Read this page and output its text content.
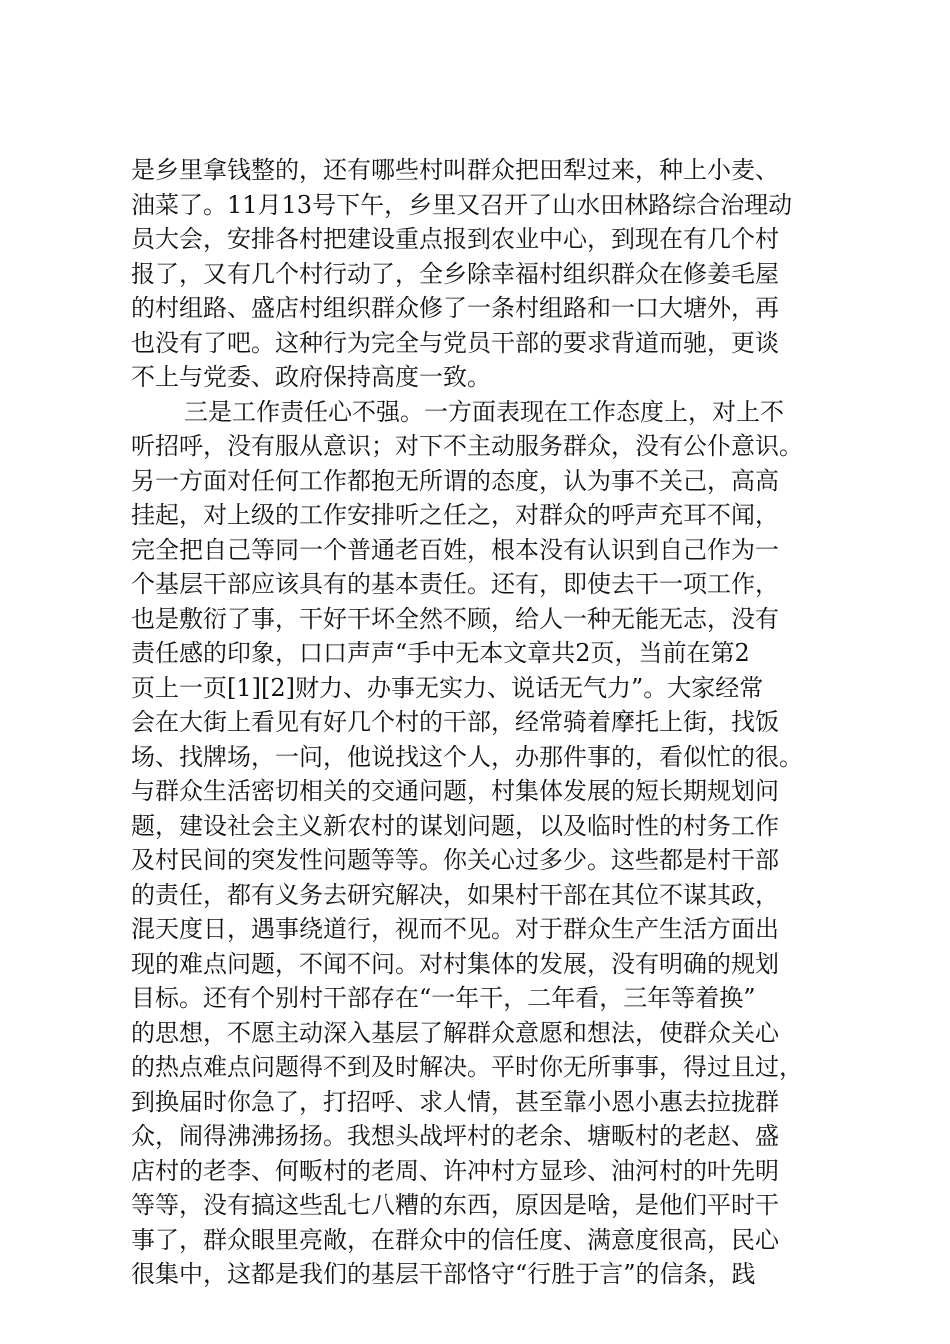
是乡里拿钱整的，还有哪些村叫群众把田犁过来，种上小麦、
油菜了。11月13号下午，乡里又召开了山水田林路综合治理动
员大会，安排各村把建设重点报到农业中心，到现在有几个村
报了，又有几个村行动了，全乡除幸福村组织群众在修姜毛屋
的村组路、盛店村组织群众修了一条村组路和一口大塘外，再
也没有了吧。这种行为完全与党员干部的要求背道而驰，更谈
不上与党委、政府保持高度一致。
三是工作责任心不强。一方面表现在工作态度上，对上不
听招呼，没有服从意识；对下不主动服务群众，没有公仆意识。
另一方面对任何工作都抱无所谓的态度，认为事不关己，高高
挂起，对上级的工作安排听之任之，对群众的呼声充耳不闻，
完全把自己等同一个普通老百姓，根本没有认识到自己作为一
个基层干部应该具有的基本责任。还有，即使去干一项工作，
也是敷衍了事，干好干坏全然不顾，给人一种无能无志，没有
责任感的印象，口口声声“手中无本文章共2页，当前在第2
页上一页[1][2]财力、办事无实力、说话无气力”。大家经常
会在大街上看见有好几个村的干部，经常骑着摩托上街，找饭
场、找牌场，一问，他说找这个人，办那件事的，看似忙的很。
与群众生活密切相关的交通问题，村集体发展的短长期规划问
题，建设社会主义新农村的谋划问题，以及临时性的村务工作
及村民间的突发性问题等等。你关心过多少。这些都是村干部
的责任，都有义务去研究解决，如果村干部在其位不谋其政，
混天度日，遇事绕道行，视而不见。对于群众生产生活方面出
现的难点问题，不闻不问。对村集体的发展，没有明确的规划
目标。还有个别村干部存在“一年干，二年看，三年等着换”
的思想，不愿主动深入基层了解群众意愿和想法，使群众关心
的热点难点问题得不到及时解决。平时你无所事事，得过且过，
到换届时你急了，打招呼、求人情，甚至靠小恩小惠去拉拢群
众，闹得沸沸扬扬。我想头战坪村的老余、塘畈村的老赵、盛
店村的老李、何畈村的老周、许冲村方显珍、油河村的叶先明
等等，没有搞这些乱七八糟的东西，原因是啥，是他们平时干
事了，群众眼里亮敞，在群众中的信任度、满意度很高，民心
很集中，这都是我们的基层干部恪守“行胜于言”的信条，践
